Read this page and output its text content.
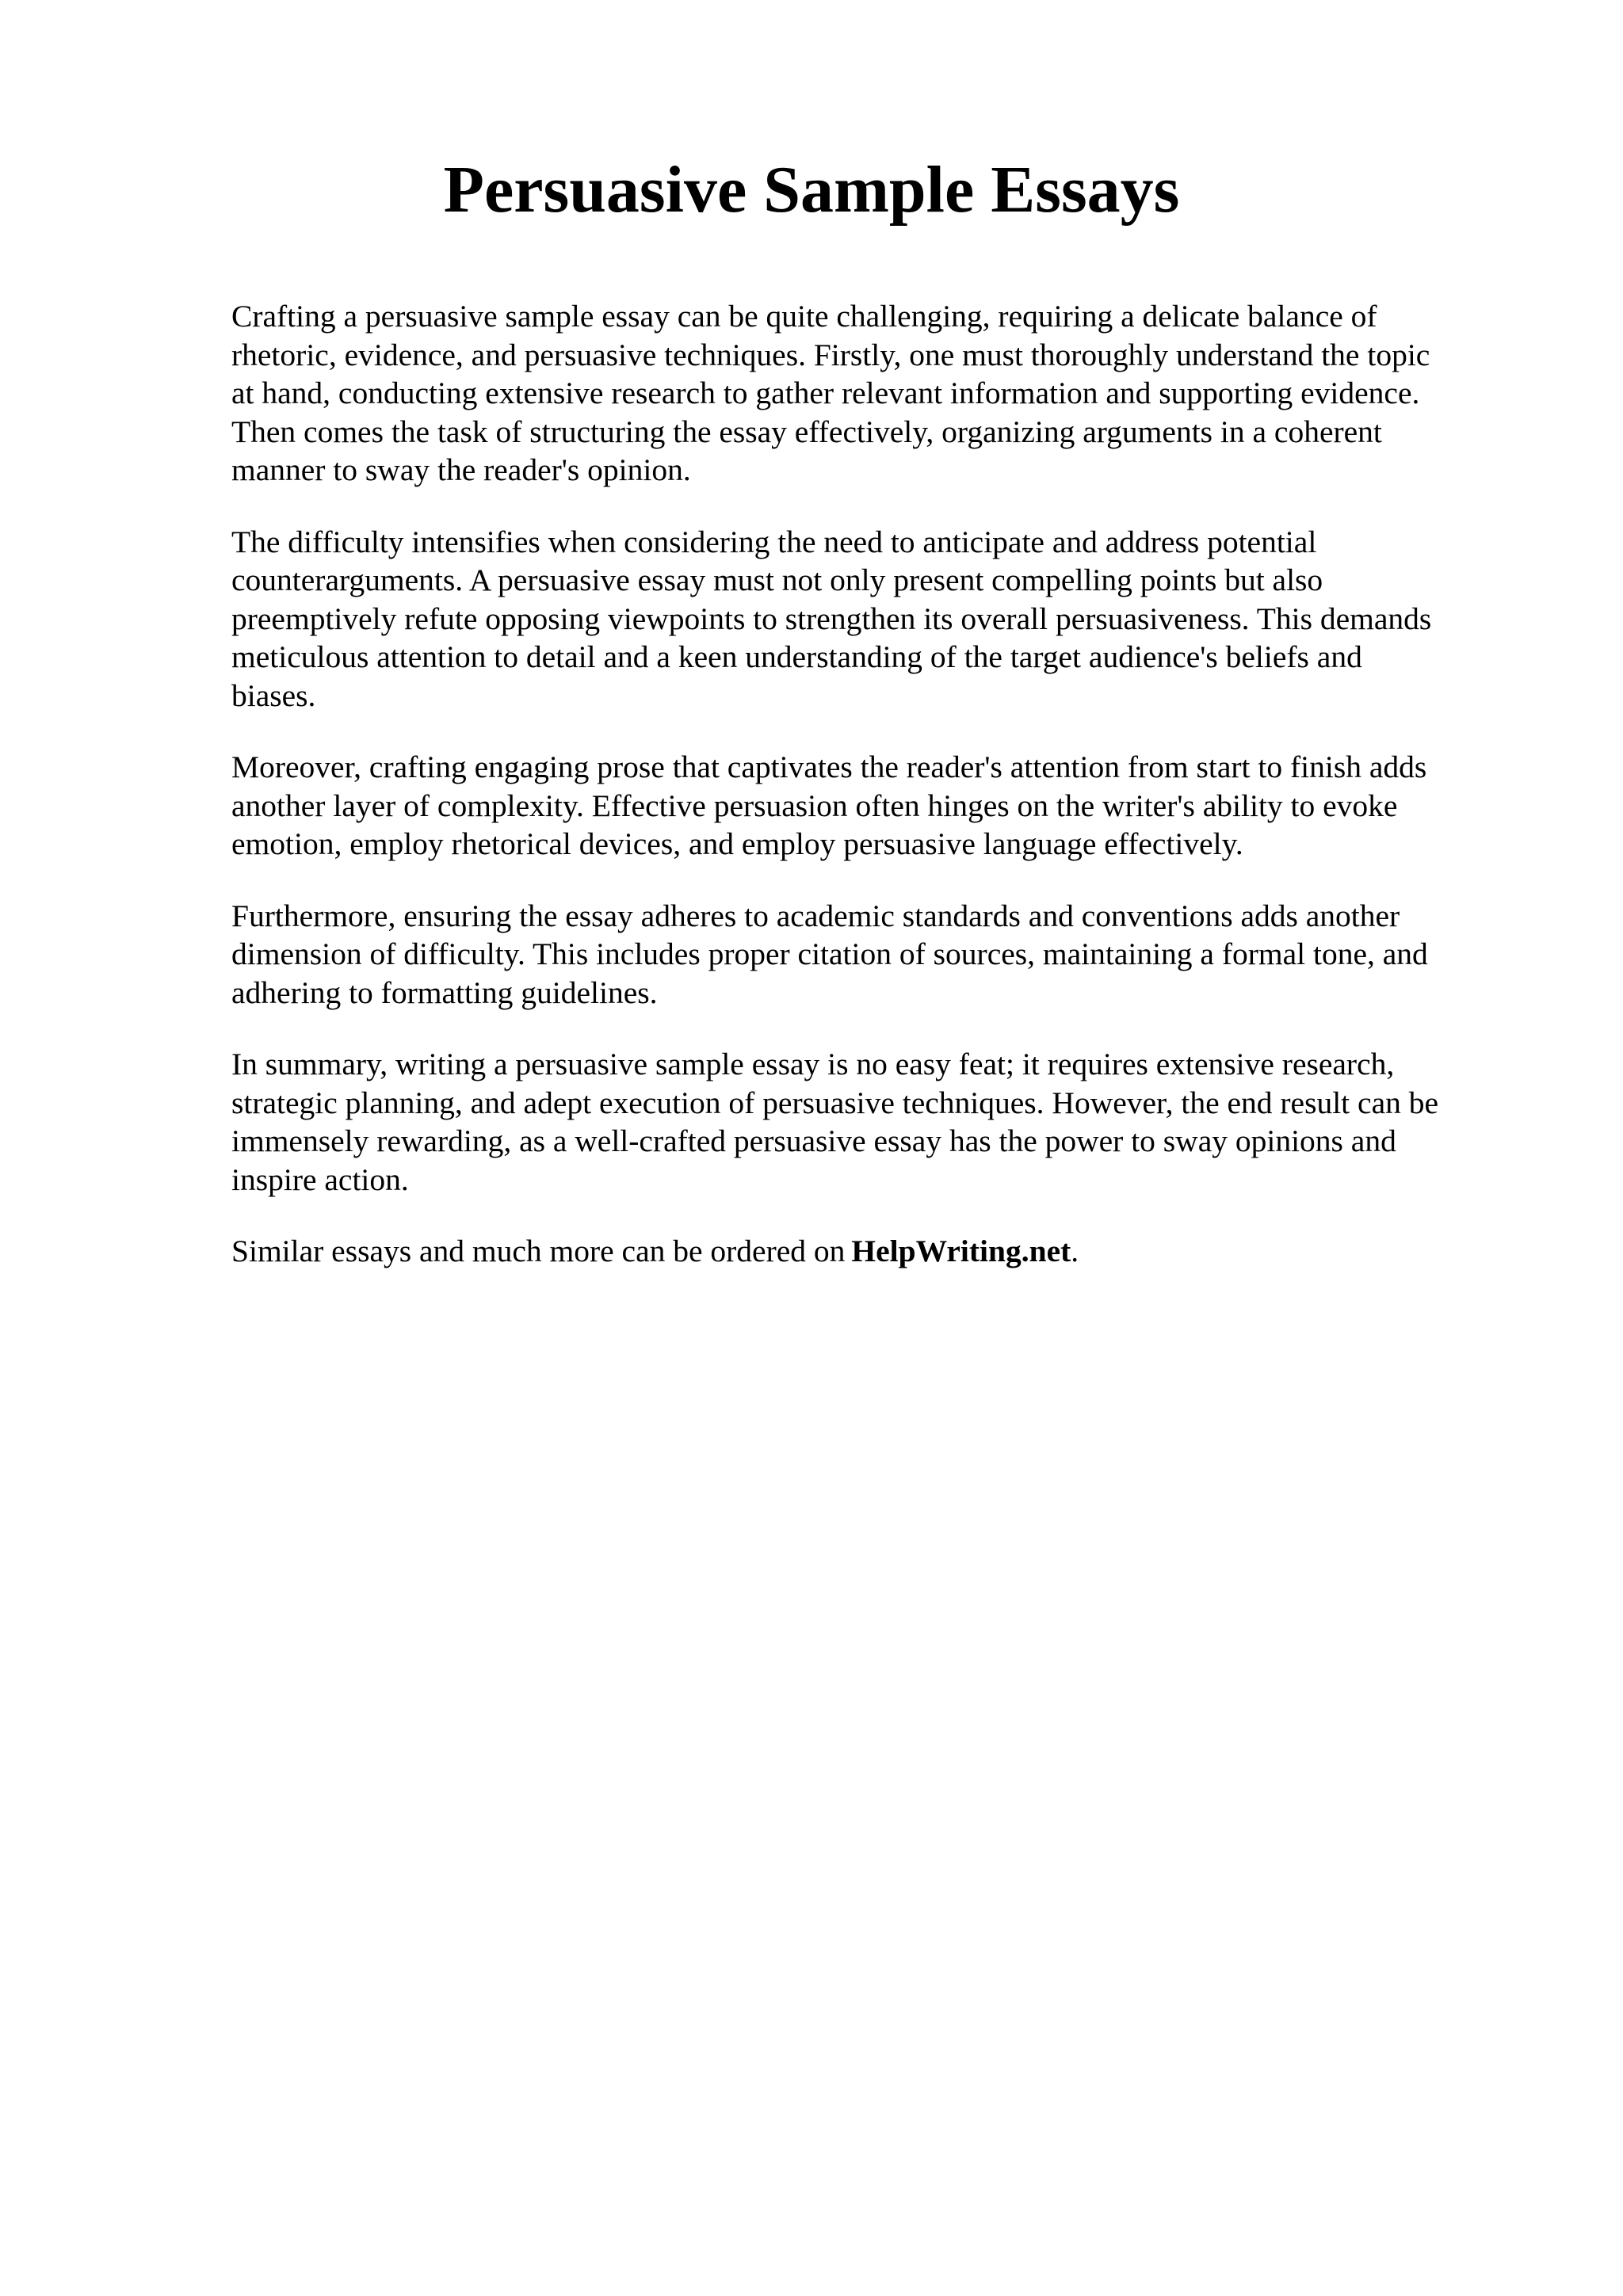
Persuasive Sample Essays

Crafting a persuasive sample essay can be quite challenging, requiring a delicate balance of
rhetoric, evidence, and persuasive techniques. Firstly, one must thoroughly understand the topic
at hand, conducting extensive research to gather relevant information and supporting evidence.
Then comes the task of structuring the essay effectively, organizing arguments in a coherent
manner to sway the reader's opinion.

The difficulty intensifies when considering the need to anticipate and address potential
counterarguments. A persuasive essay must not only present compelling points but also
preemptively refute opposing viewpoints to strengthen its overall persuasiveness. This demands
meticulous attention to detail and a keen understanding of the target audience's beliefs and
biases.

Moreover, crafting engaging prose that captivates the reader's attention from start to finish adds
another layer of complexity. Effective persuasion often hinges on the writer's ability to evoke
emotion, employ rhetorical devices, and employ persuasive language effectively.

Furthermore, ensuring the essay adheres to academic standards and conventions adds another
dimension of difficulty. This includes proper citation of sources, maintaining a formal tone, and
adhering to formatting guidelines.

In summary, writing a persuasive sample essay is no easy feat; it requires extensive research,
strategic planning, and adept execution of persuasive techniques. However, the end result can be
immensely rewarding, as a well-crafted persuasive essay has the power to sway opinions and
inspire action.

Similar essays and much more can be ordered on HelpWriting.net.
